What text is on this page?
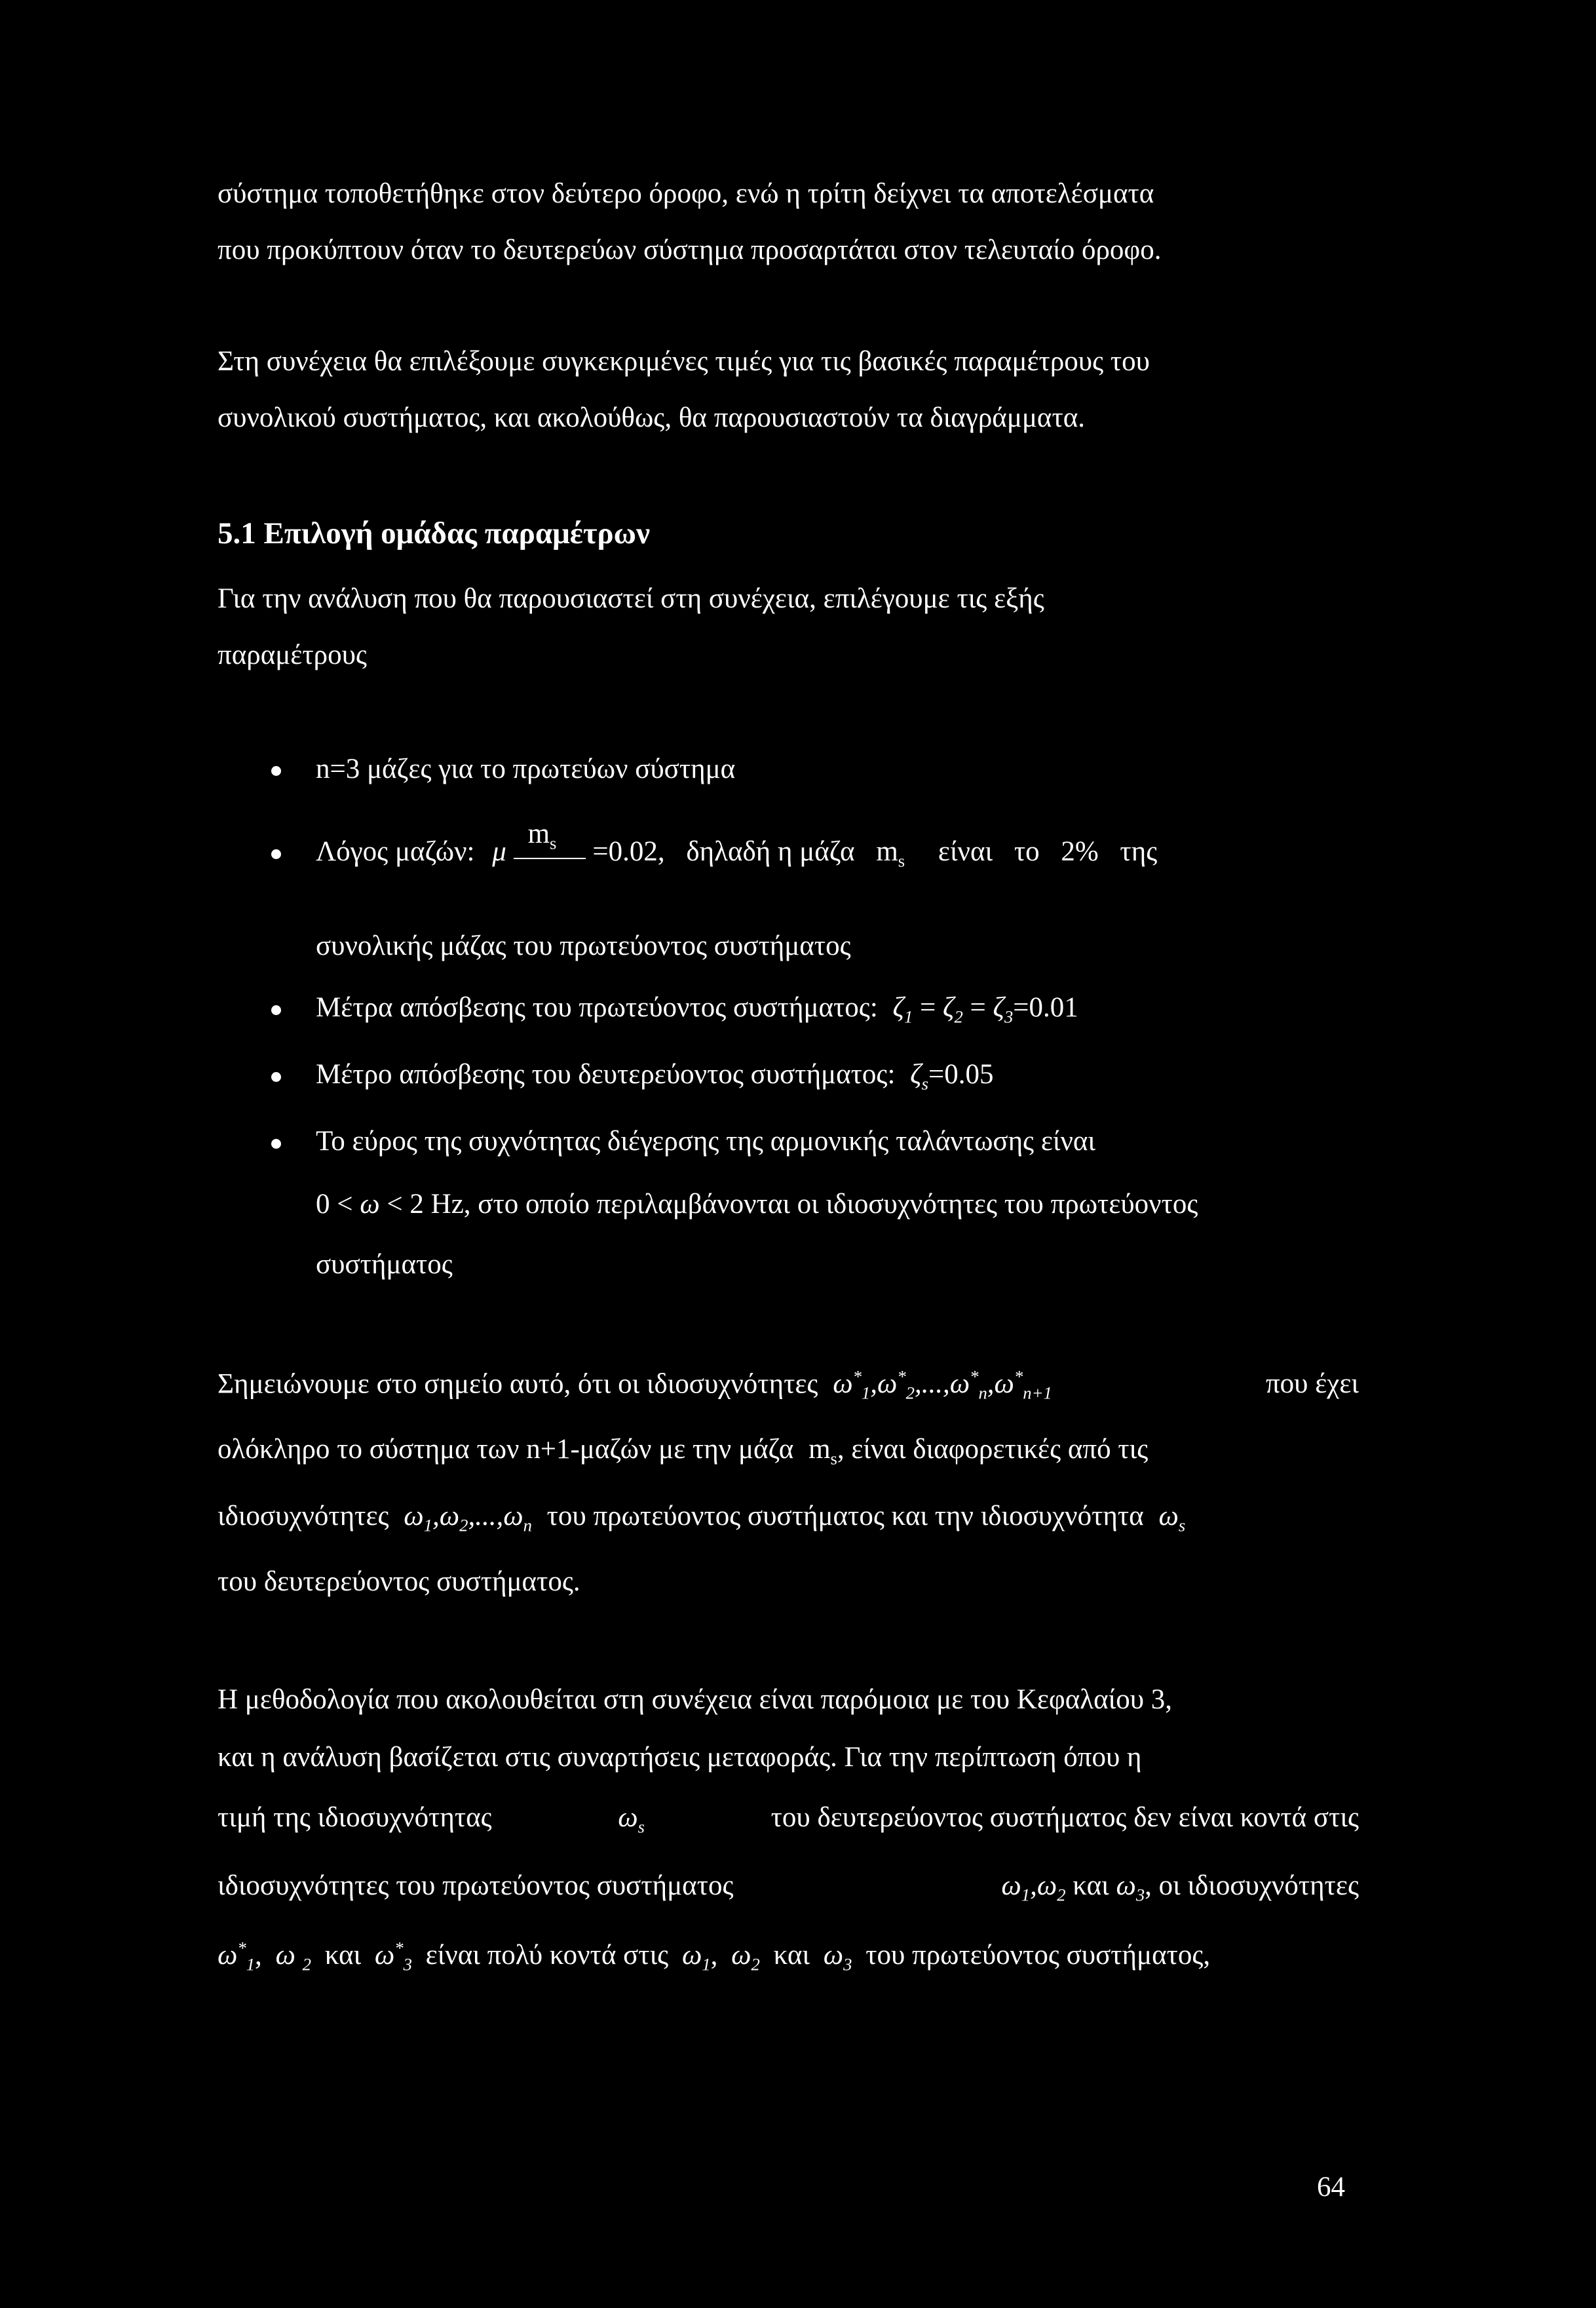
σύστημα τοποθετήθηκε στον δεύτερο όροφο, ενώ η τρίτη δείχνει τα αποτελέσματα
που προκύπτουν όταν το δευτερεύων σύστημα προσαρτάται στον τελευταίο όροφο.
Στη συνέχεια θα επιλέξουμε συγκεκριμένες τιμές για τις βασικές παραμέτρους του
συνολικού συστήματος, και ακολούθως, θα παρουσιαστούν τα διαγράμματα.
5.1 Επιλογή ομάδας παραμέτρων
Για την ανάλυση που θα παρουσιαστεί στη συνέχεια, επιλέγουμε τις εξής
παραμέτρους
n=3 μάζες για το πρωτεύων σύστημα
Λόγος μαζών: μ
$m_s =0.02$, δηλαδή η μάζα $m_s$ είναι το 2% της
συνολικής μάζας του πρωτεύοντος συστήματος
Μέτρα απόσβεσης του πρωτεύοντος συστήματος: $\zeta_1 = \zeta_2 = \zeta_3=0.01$
Μέτρο απόσβεσης του δευτερεύοντος συστήματος: $\zeta_s=0.05$
Το εύρος της συχνότητας διέγερσης της αρμονικής ταλάντωσης είναι
0 < ω < 2 Hz, στο οποίο περιλαμβάνονται οι ιδιοσυχνότητες του πρωτεύοντος
συστήματος
Σημειώνουμε στο σημείο αυτό, ότι οι ιδιοσυχνότητες $\omega^*_1,\omega^*_2,...,\omega^*_n,\omega^*_{n+1}$	που έχει
ολόκληρο το σύστημα των n+1-μαζών με την μάζα $m_s$, είναι διαφορετικές από τις
ιδιοσυχνότητες $\omega_1,\omega_2,...,\omega_n$ του πρωτεύοντος συστήματος και την ιδιοσυχνότητα $\omega_s$
του δευτερεύοντος συστήματος.
Η μεθοδολογία που ακολουθείται στη συνέχεια είναι παρόμοια με του Κεφαλαίου 3,
και η ανάλυση βασίζεται στις συναρτήσεις μεταφοράς. Για την περίπτωση όπου η
τιμή της ιδιοσυχνότητας	$\omega_s$	του δευτερεύοντος συστήματος δεν είναι κοντά στις
ιδιοσυχνότητες του πρωτεύοντος συστήματος	$\omega_1,\omega_2$ και $\omega_3$, οι ιδιοσυχνότητες
$\omega^*_1$, ω $_2$ και $\omega^*_3$ είναι πολύ κοντά στις $\omega_1$, $\omega_2$ και $\omega_3$ του πρωτεύοντος συστήματος,
64
